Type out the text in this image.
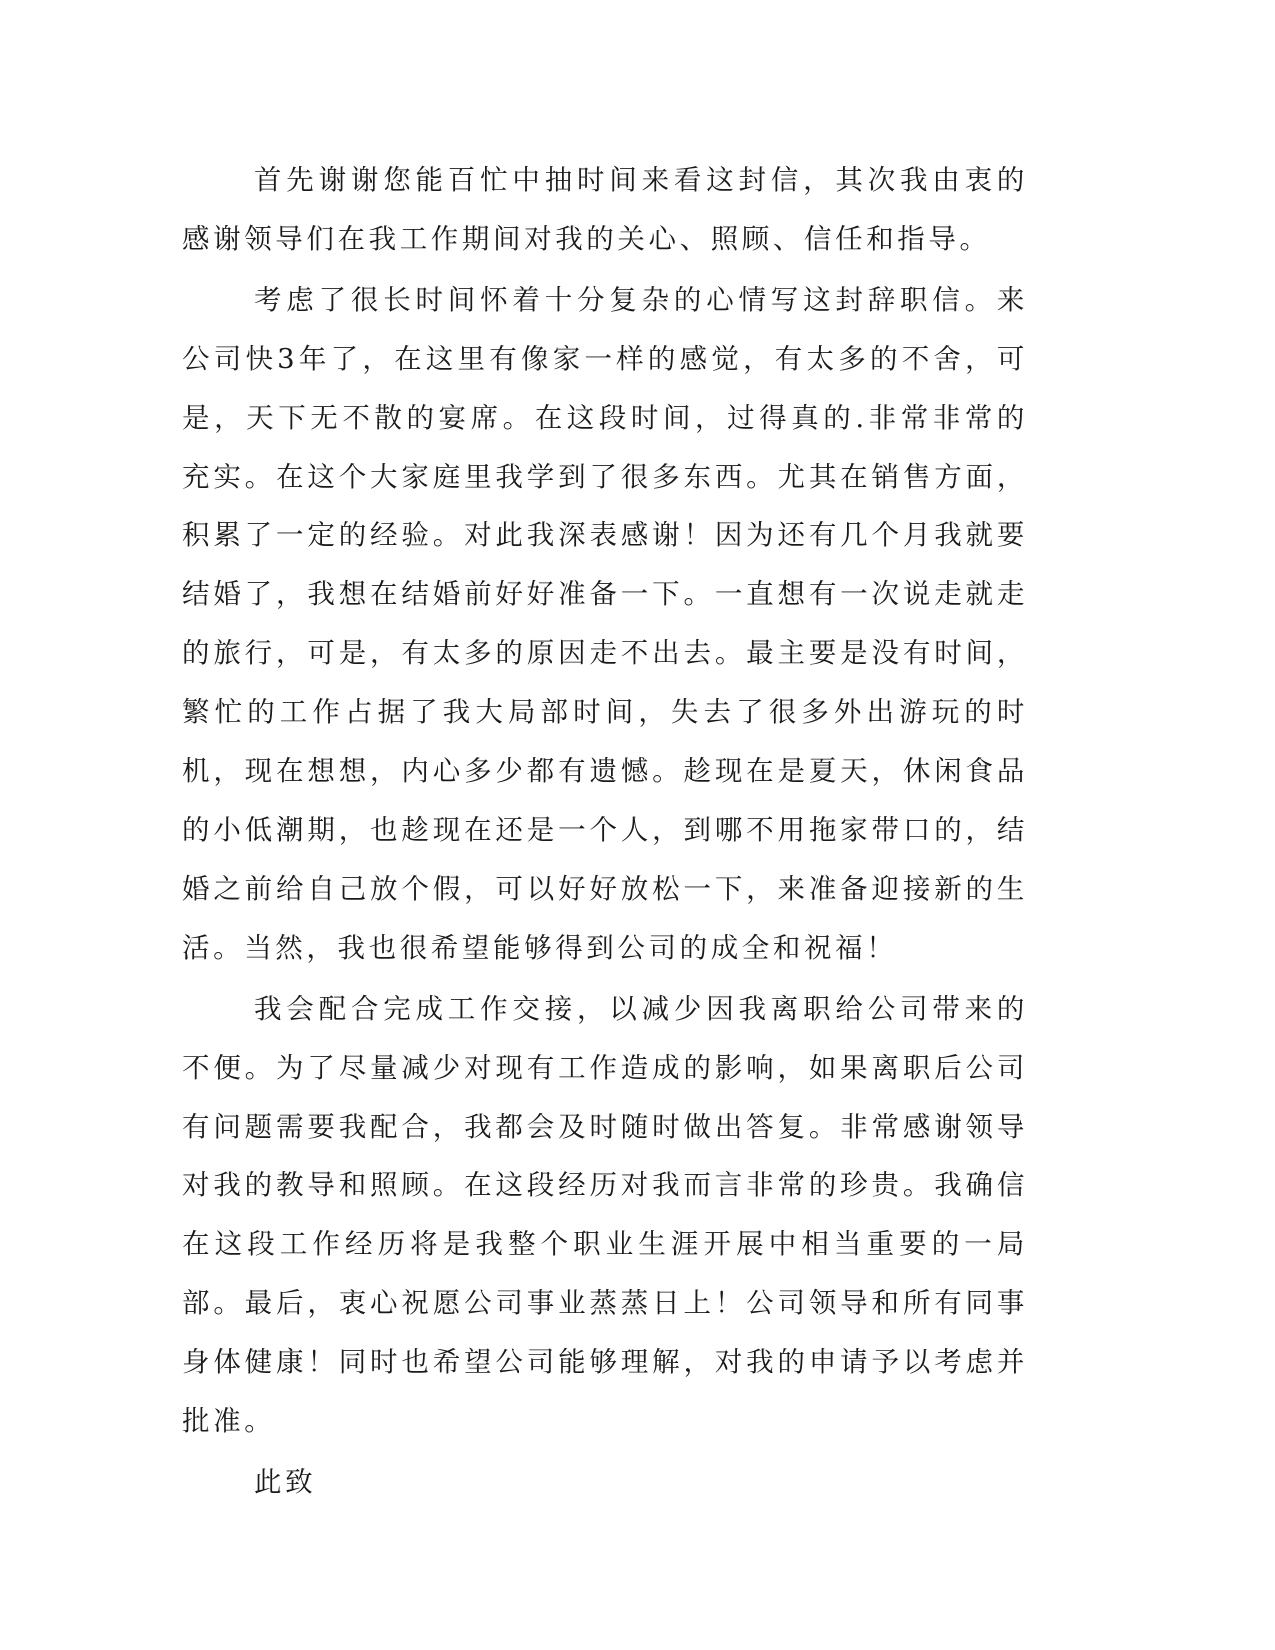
首先谢谢您能百忙中抽时间来看这封信，其次我由衷的感谢领导们在我工作期间对我的关心、照顾、信任和指导。

考虑了很长时间怀着十分复杂的心情写这封辞职信。来公司快3年了，在这里有像家一样的感觉，有太多的不舍，可是，天下无不散的宴席。在这段时间，过得真的.非常非常的充实。在这个大家庭里我学到了很多东西。尤其在销售方面，积累了一定的经验。对此我深表感谢！因为还有几个月我就要结婚了，我想在结婚前好好准备一下。一直想有一次说走就走的旅行，可是，有太多的原因走不出去。最主要是没有时间，繁忙的工作占据了我大局部时间，失去了很多外出游玩的时机，现在想想，内心多少都有遗憾。趁现在是夏天，休闲食品的小低潮期，也趁现在还是一个人，到哪不用拖家带口的，结婚之前给自己放个假，可以好好放松一下，来准备迎接新的生活。当然，我也很希望能够得到公司的成全和祝福！

我会配合完成工作交接，以减少因我离职给公司带来的不便。为了尽量减少对现有工作造成的影响，如果离职后公司有问题需要我配合，我都会及时随时做出答复。非常感谢领导对我的教导和照顾。在这段经历对我而言非常的珍贵。我确信在这段工作经历将是我整个职业生涯开展中相当重要的一局部。最后，衷心祝愿公司事业蒸蒸日上！公司领导和所有同事身体健康！同时也希望公司能够理解，对我的申请予以考虑并批准。

此致
